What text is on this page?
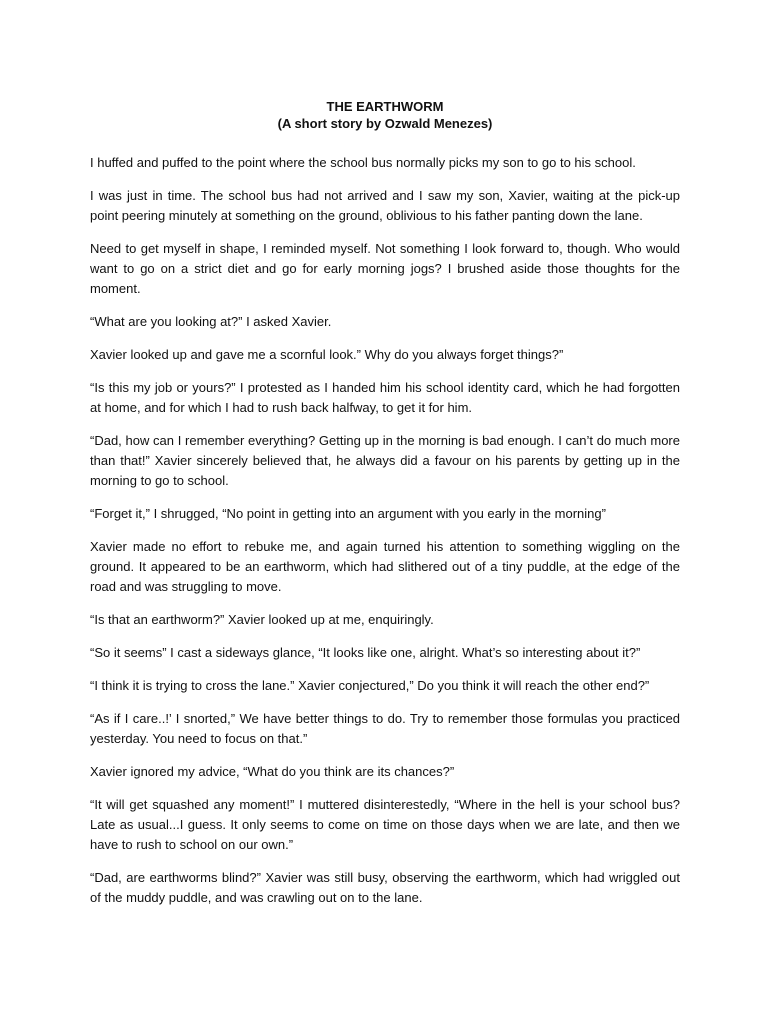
THE EARTHWORM

(A short story by Ozwald Menezes)

I huffed and puffed to the point where the school bus normally picks my son to go to his school.

I was just in time. The school bus had not arrived and I saw my son, Xavier, waiting at the pick-up point peering minutely at something on the ground, oblivious to his father panting down the lane.

Need to get myself in shape, I reminded myself. Not something I look forward to, though. Who would want to go on a strict diet and go for early morning jogs? I brushed aside those thoughts for the moment.

“What are you looking at?” I asked Xavier.

Xavier looked up and gave me a scornful look.” Why do you always forget things?”

“Is this my job or yours?” I protested as I handed him his school identity card, which he had forgotten at home, and for which I had to rush back halfway, to get it for him.

“Dad, how can I remember everything? Getting up in the morning is bad enough. I can’t do much more than that!” Xavier sincerely believed that, he always did a favour on his parents by getting up in the morning to go to school.

“Forget it,” I shrugged, “No point in getting into an argument with you early in the morning”

Xavier made no effort to rebuke me, and again turned his attention to something wiggling on the ground. It appeared to be an earthworm, which had slithered out of a tiny puddle, at the edge of the road and was struggling to move.

“Is that an earthworm?” Xavier looked up at me, enquiringly.

“So it seems” I cast a sideways glance, “It looks like one, alright. What’s so interesting about it?”

“I think it is trying to cross the lane.” Xavier conjectured,” Do you think it will reach the other end?”

“As if I care..!’ I snorted,” We have better things to do. Try to remember those formulas you practiced yesterday. You need to focus on that.”

Xavier ignored my advice, “What do you think are its chances?”

“It will get squashed any moment!” I muttered disinterestedly, “Where in the hell is your school bus? Late as usual...I guess. It only seems to come on time on those days when we are late, and then we have to rush to school on our own.”

“Dad, are earthworms blind?” Xavier was still busy, observing the earthworm, which had wriggled out of the muddy puddle, and was crawling out on to the lane.
